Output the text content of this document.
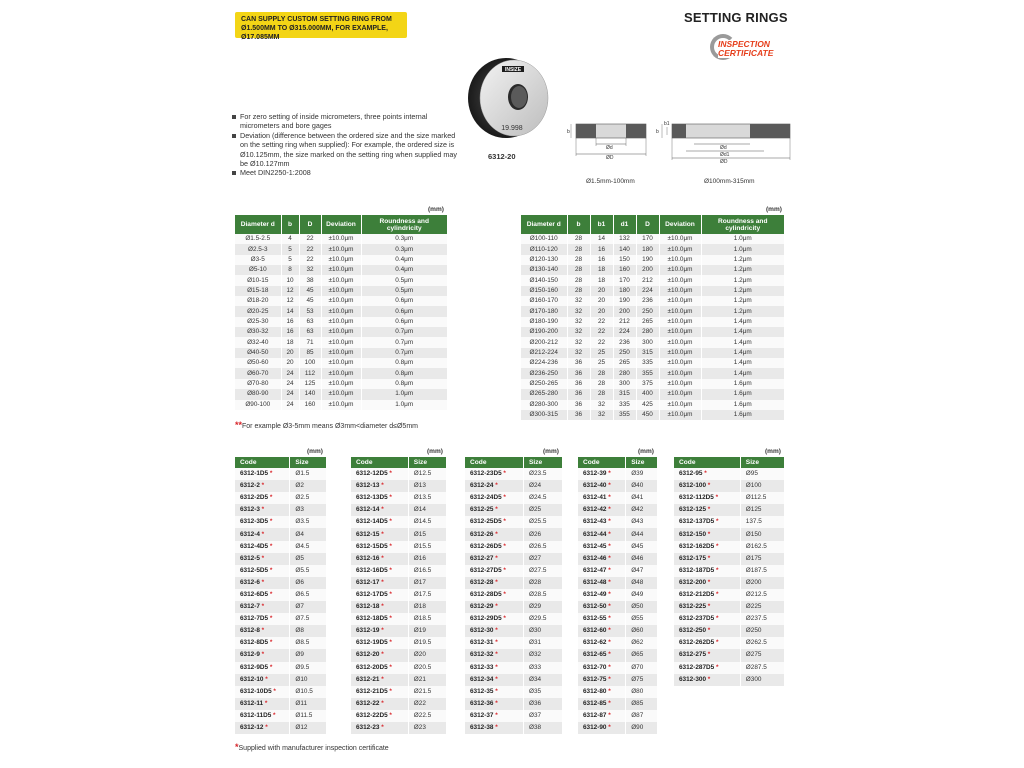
CAN SUPPLY CUSTOM SETTING RING FROM Ø1.500MM TO Ø315.000MM, FOR EXAMPLE, Ø17.085MM
SETTING RINGS
INSPECTION
CERTIFICATE
For zero setting of inside micrometers, three points internal micrometers and bore gages
Deviation (difference between the ordered size and the size marked on the setting ring when supplied): For example, the ordered size is Ø10.125mm, the size marked on the setting ring when supplied may be Ø10.127mm
Meet DIN2250-1:2008
INSIZE
19.998
6312-20
b
Ød
ØD
Ø1.5mm-100mm
b
b1
Ød
Ød1
ØD
Ø100mm-315mm
(mm)
Diameter d	b	D	Deviation	Roundness and cylindricity
Ø1.5-2.5	4	22	±10.0μm	0.3μm
Ø2.5-3	5	22	±10.0μm	0.3μm
Ø3-5	5	22	±10.0μm	0.4μm
Ø5-10	8	32	±10.0μm	0.4μm
Ø10-15	10	38	±10.0μm	0.5μm
Ø15-18	12	45	±10.0μm	0.5μm
Ø18-20	12	45	±10.0μm	0.6μm
Ø20-25	14	53	±10.0μm	0.6μm
Ø25-30	16	63	±10.0μm	0.6μm
Ø30-32	16	63	±10.0μm	0.7μm
Ø32-40	18	71	±10.0μm	0.7μm
Ø40-50	20	85	±10.0μm	0.7μm
Ø50-60	20	100	±10.0μm	0.8μm
Ø60-70	24	112	±10.0μm	0.8μm
Ø70-80	24	125	±10.0μm	0.8μm
Ø80-90	24	140	±10.0μm	1.0μm
Ø90-100	24	160	±10.0μm	1.0μm
**For example Ø3-5mm means Ø3mm<diameter d≤Ø5mm
(mm)
Diameter d	b	b1	d1	D	Deviation	Roundness and cylindricity
Ø100-110	28	14	132	170	±10.0μm	1.0μm
Ø110-120	28	16	140	180	±10.0μm	1.0μm
Ø120-130	28	16	150	190	±10.0μm	1.2μm
Ø130-140	28	18	160	200	±10.0μm	1.2μm
Ø140-150	28	18	170	212	±10.0μm	1.2μm
Ø150-160	28	20	180	224	±10.0μm	1.2μm
Ø160-170	32	20	190	236	±10.0μm	1.2μm
Ø170-180	32	20	200	250	±10.0μm	1.2μm
Ø180-190	32	22	212	265	±10.0μm	1.4μm
Ø190-200	32	22	224	280	±10.0μm	1.4μm
Ø200-212	32	22	236	300	±10.0μm	1.4μm
Ø212-224	32	25	250	315	±10.0μm	1.4μm
Ø224-236	36	25	265	335	±10.0μm	1.4μm
Ø236-250	36	28	280	355	±10.0μm	1.4μm
Ø250-265	36	28	300	375	±10.0μm	1.6μm
Ø265-280	36	28	315	400	±10.0μm	1.6μm
Ø280-300	36	32	335	425	±10.0μm	1.6μm
Ø300-315	36	32	355	450	±10.0μm	1.6μm
(mm)
Code	Size
6312-1D5 *	Ø1.5
6312-2 *	Ø2
6312-2D5 *	Ø2.5
6312-3 *	Ø3
6312-3D5 *	Ø3.5
6312-4 *	Ø4
6312-4D5 *	Ø4.5
6312-5 *	Ø5
6312-5D5 *	Ø5.5
6312-6 *	Ø6
6312-6D5 *	Ø6.5
6312-7 *	Ø7
6312-7D5 *	Ø7.5
6312-8 *	Ø8
6312-8D5 *	Ø8.5
6312-9 *	Ø9
6312-9D5 *	Ø9.5
6312-10 *	Ø10
6312-10D5 *	Ø10.5
6312-11 *	Ø11
6312-11D5 *	Ø11.5
6312-12 *	Ø12
(mm)
Code	Size
6312-12D5 *	Ø12.5
6312-13 *	Ø13
6312-13D5 *	Ø13.5
6312-14 *	Ø14
6312-14D5 *	Ø14.5
6312-15 *	Ø15
6312-15D5 *	Ø15.5
6312-16 *	Ø16
6312-16D5 *	Ø16.5
6312-17 *	Ø17
6312-17D5 *	Ø17.5
6312-18 *	Ø18
6312-18D5 *	Ø18.5
6312-19 *	Ø19
6312-19D5 *	Ø19.5
6312-20 *	Ø20
6312-20D5 *	Ø20.5
6312-21 *	Ø21
6312-21D5 *	Ø21.5
6312-22 *	Ø22
6312-22D5 *	Ø22.5
6312-23 *	Ø23
(mm)
Code	Size
6312-23D5 *	Ø23.5
6312-24 *	Ø24
6312-24D5 *	Ø24.5
6312-25 *	Ø25
6312-25D5 *	Ø25.5
6312-26 *	Ø26
6312-26D5 *	Ø26.5
6312-27 *	Ø27
6312-27D5 *	Ø27.5
6312-28 *	Ø28
6312-28D5 *	Ø28.5
6312-29 *	Ø29
6312-29D5 *	Ø29.5
6312-30 *	Ø30
6312-31 *	Ø31
6312-32 *	Ø32
6312-33 *	Ø33
6312-34 *	Ø34
6312-35 *	Ø35
6312-36 *	Ø36
6312-37 *	Ø37
6312-38 *	Ø38
(mm)
Code	Size
6312-39 *	Ø39
6312-40 *	Ø40
6312-41 *	Ø41
6312-42 *	Ø42
6312-43 *	Ø43
6312-44 *	Ø44
6312-45 *	Ø45
6312-46 *	Ø46
6312-47 *	Ø47
6312-48 *	Ø48
6312-49 *	Ø49
6312-50 *	Ø50
6312-55 *	Ø55
6312-60 *	Ø60
6312-62 *	Ø62
6312-65 *	Ø65
6312-70 *	Ø70
6312-75 *	Ø75
6312-80 *	Ø80
6312-85 *	Ø85
6312-87 *	Ø87
6312-90 *	Ø90
(mm)
Code	Size
6312-95 *	Ø95
6312-100 *	Ø100
6312-112D5 *	Ø112.5
6312-125 *	Ø125
6312-137D5 *	137.5
6312-150 *	Ø150
6312-162D5 *	Ø162.5
6312-175 *	Ø175
6312-187D5 *	Ø187.5
6312-200 *	Ø200
6312-212D5 *	Ø212.5
6312-225 *	Ø225
6312-237D5 *	Ø237.5
6312-250 *	Ø250
6312-262D5 *	Ø262.5
6312-275 *	Ø275
6312-287D5 *	Ø287.5
6312-300 *	Ø300
*Supplied with manufacturer inspection certificate
